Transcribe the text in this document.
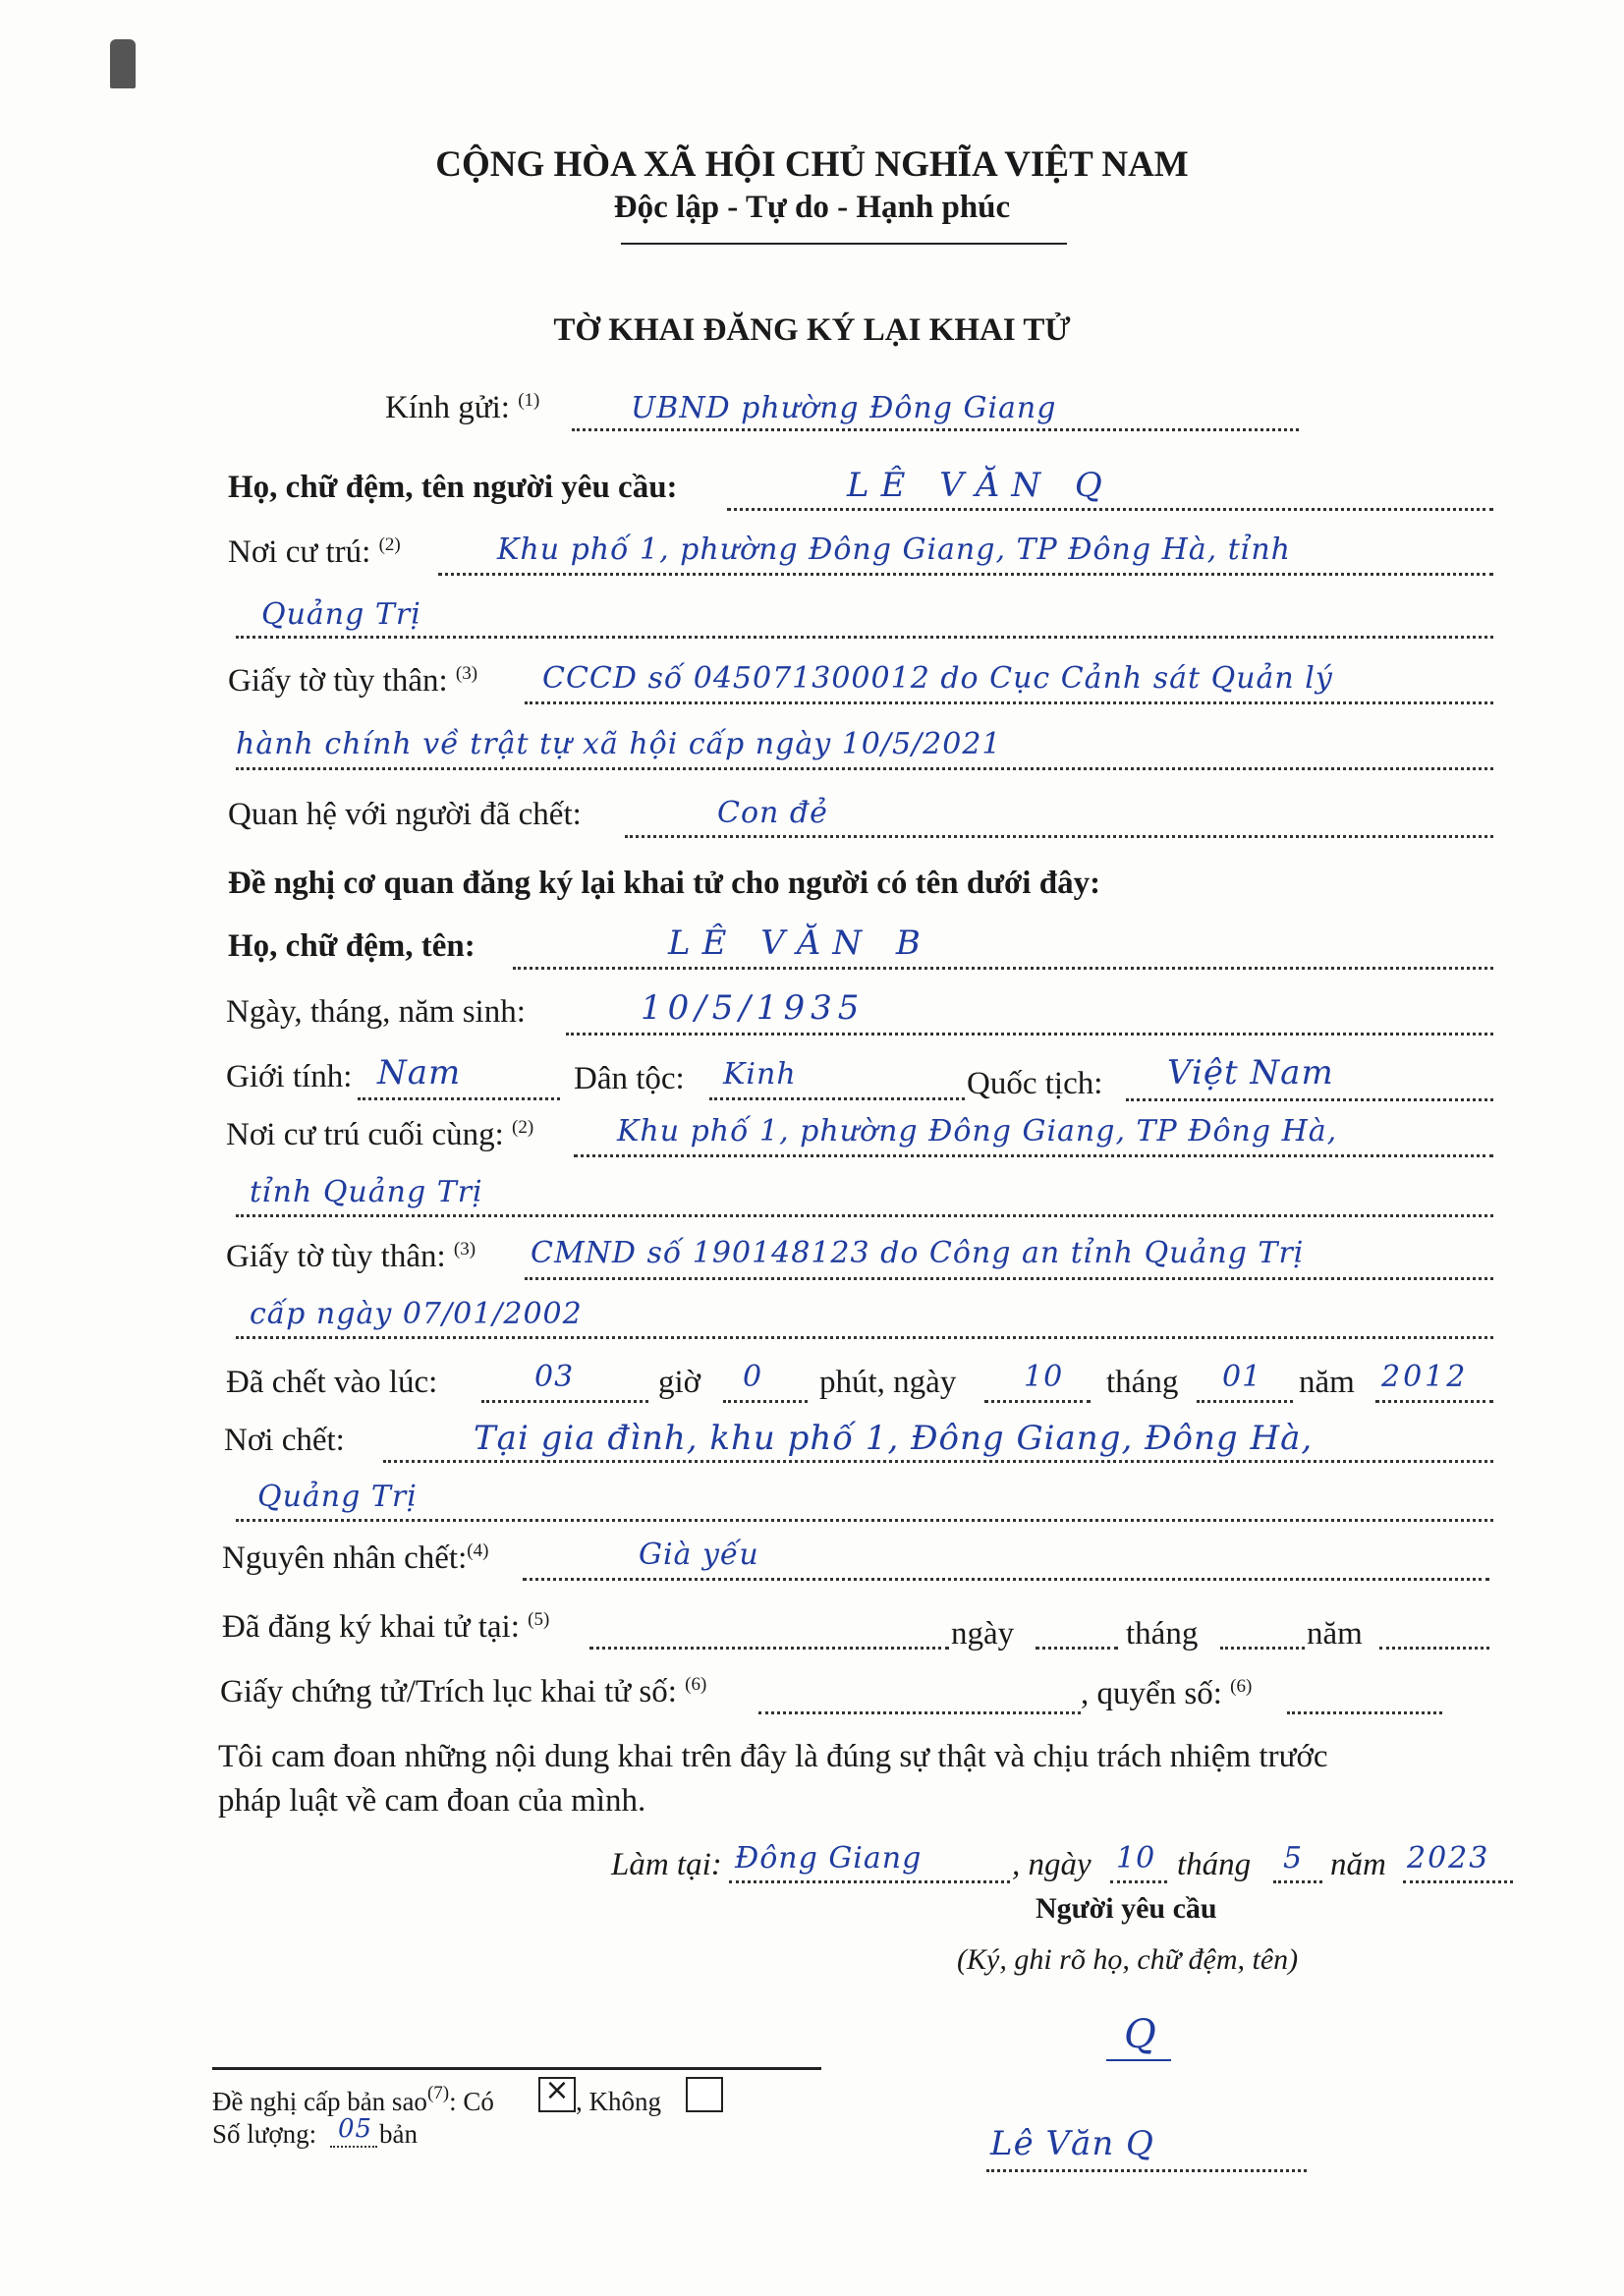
CỘNG HÒA XÃ HỘI CHỦ NGHĨA VIỆT NAM
Độc lập - Tự do - Hạnh phúc
TỜ KHAI ĐĂNG KÝ LẠI KHAI TỬ
Kính gửi: $^{(1)}$	UBND phường Đông Giang
Họ, chữ đệm, tên người yêu cầu:	LÊ VĂN Q
Nơi cư trú: $^{(2)}$	Khu phố 1, phường Đông Giang, TP Đông Hà, tỉnh
Quảng Trị
Giấy tờ tùy thân: $^{(3)}$ CCCD số 045071300012 do Cục Cảnh sát Quản lý
hành chính về trật tự xã hội cấp ngày 10/5/2021
Quan hệ với người đã chết:	Con đẻ
Đề nghị cơ quan đăng ký lại khai tử cho người có tên dưới đây:
Họ, chữ đệm, tên:	LÊ VĂN B
Ngày, tháng, năm sinh:	10/5/1935
Giới tính: Nam	Dân tộc: Kinh	Quốc tịch: Việt Nam
Nơi cư trú cuối cùng: $^{(2)}$	Khu phố 1, phường Đông Giang, TP Đông Hà,
tỉnh Quảng Trị
Giấy tờ tùy thân: $^{(3)}$ CMND số 190148123 do Công an tỉnh Quảng Trị
cấp ngày 07/01/2002
Đã chết vào lúc:	03	giờ 0 phút, ngày 10 tháng 01 năm 2012
Nơi chết:	Tại gia đình, khu phố 1, Đông Giang, Đông Hà,
Quảng Trị
Nguyên nhân chết:$^{(4)}$	Già yếu
Đã đăng ký khai tử tại: $^{(5)}$	ngày	tháng	năm
Giấy chứng tử/Trích lục khai tử số: $^{(6)}$	, quyển số: $^{(6)}$
Tôi cam đoan những nội dung khai trên đây là đúng sự thật và chịu trách nhiệm trước
pháp luật về cam đoan của mình.
Làm tại: Đông Giang	, ngày 10 tháng 5 năm 2023
Người yêu cầu
(Ký, ghi rõ họ, chữ đệm, tên)
Q
Lê Văn Q
Đề nghị cấp bản sao$^{(7)}$: Có × , Không
Số lượng: 05 bản
